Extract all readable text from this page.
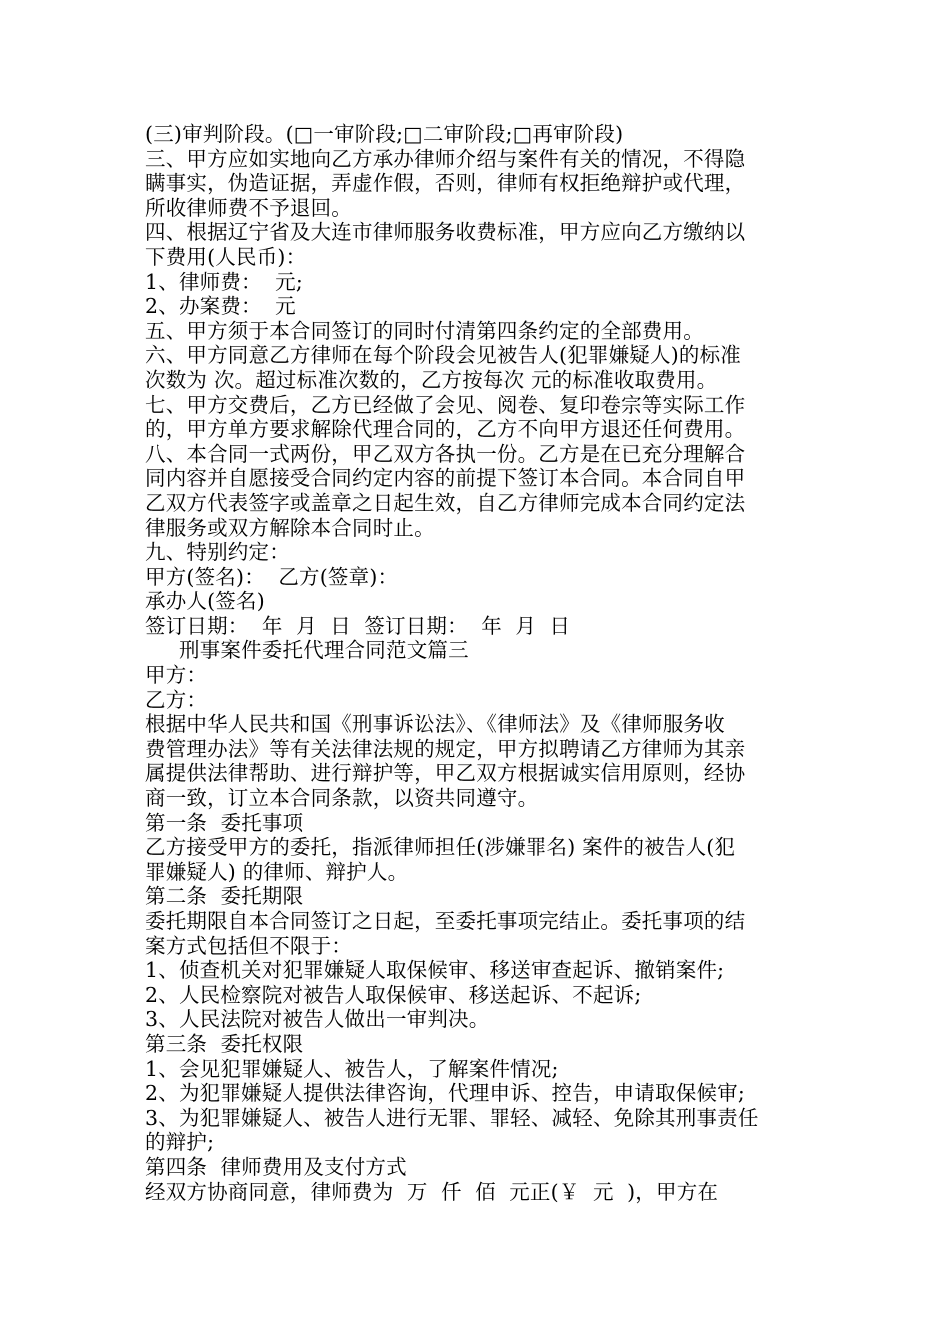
(三)审判阶段。(□一审阶段;□二审阶段;□再审阶段)
三、甲方应如实地向乙方承办律师介绍与案件有关的情况，不得隐
瞒事实，伪造证据，弄虚作假，否则，律师有权拒绝辩护或代理，
所收律师费不予退回。
四、根据辽宁省及大连市律师服务收费标准，甲方应向乙方缴纳以
下费用(人民币)：
1、律师费：  元;
2、办案费：  元
五、甲方须于本合同签订的同时付清第四条约定的全部费用。
六、甲方同意乙方律师在每个阶段会见被告人(犯罪嫌疑人)的标准
次数为 次。超过标准次数的，乙方按每次 元的标准收取费用。
七、甲方交费后，乙方已经做了会见、阅卷、复印卷宗等实际工作
的，甲方单方要求解除代理合同的，乙方不向甲方退还任何费用。
八、本合同一式两份，甲乙双方各执一份。乙方是在已充分理解合
同内容并自愿接受合同约定内容的前提下签订本合同。本合同自甲
乙双方代表签字或盖章之日起生效，自乙方律师完成本合同约定法
律服务或双方解除本合同时止。
九、特别约定：
甲方(签名)：  乙方(签章)：
承办人(签名)
签订日期：  年  月  日  签订日期：  年  月  日
刑事案件委托代理合同范文篇三
甲方：
乙方：
根据中华人民共和国《刑事诉讼法》、《律师法》及《律师服务收
费管理办法》等有关法律法规的规定，甲方拟聘请乙方律师为其亲
属提供法律帮助、进行辩护等，甲乙双方根据诚实信用原则，经协
商一致，订立本合同条款，以资共同遵守。
第一条  委托事项
乙方接受甲方的委托，指派律师担任(涉嫌罪名) 案件的被告人(犯
罪嫌疑人) 的律师、辩护人。
第二条  委托期限
委托期限自本合同签订之日起，至委托事项完结止。委托事项的结
案方式包括但不限于：
1、侦查机关对犯罪嫌疑人取保候审、移送审查起诉、撤销案件;
2、人民检察院对被告人取保候审、移送起诉、不起诉;
3、人民法院对被告人做出一审判决。
第三条  委托权限
1、会见犯罪嫌疑人、被告人，了解案件情况;
2、为犯罪嫌疑人提供法律咨询，代理申诉、控告，申请取保候审;
3、为犯罪嫌疑人、被告人进行无罪、罪轻、减轻、免除其刑事责任
的辩护;
第四条  律师费用及支付方式
经双方协商同意，律师费为  万  仟  佰  元正(￥  元  )，甲方在
